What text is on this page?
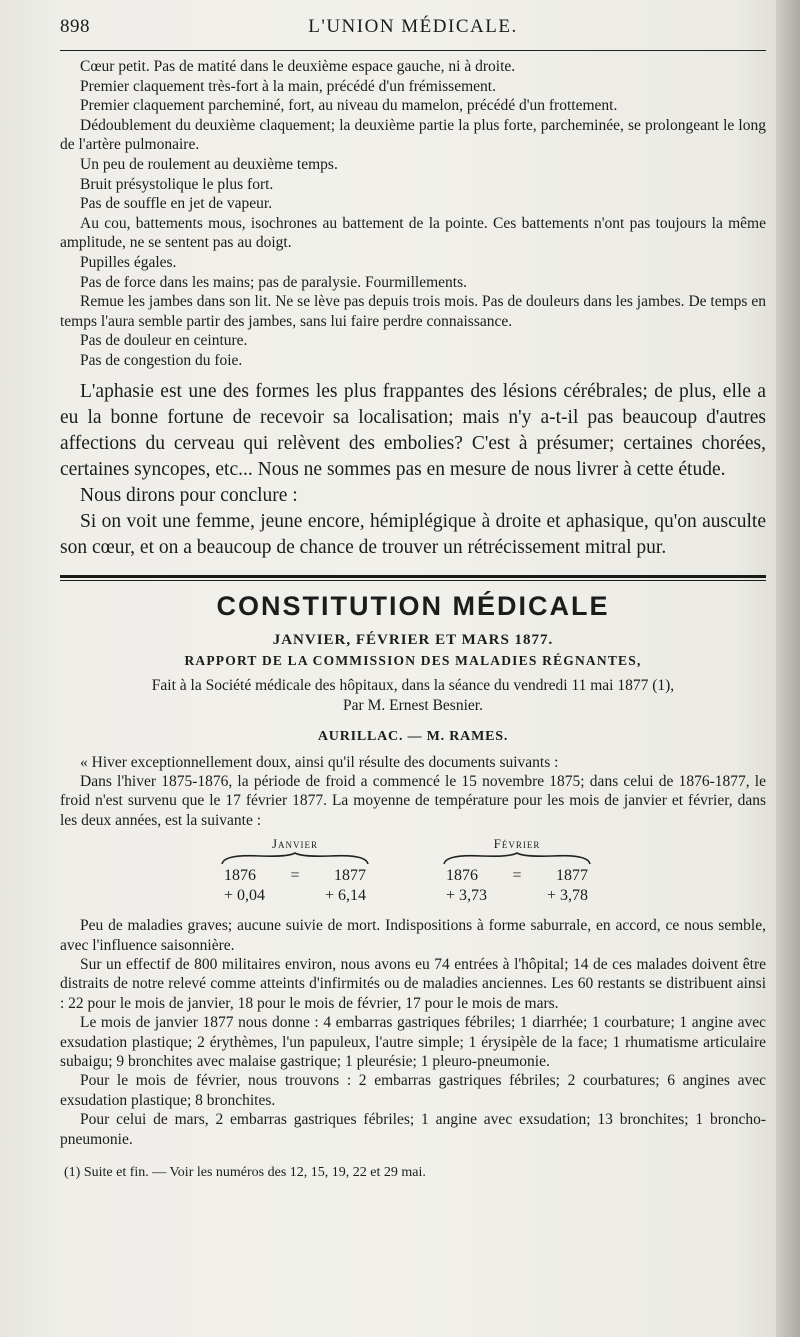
898	L'UNION MÉDICALE.

Cœur petit. Pas de matité dans le deuxième espace gauche, ni à droite.

Premier claquement très-fort à la main, précédé d'un frémissement.

Premier claquement parcheminé, fort, au niveau du mamelon, précédé d'un frottement.

Dédoublement du deuxième claquement; la deuxième partie la plus forte, parcheminée, se prolongeant le long de l'artère pulmonaire.

Un peu de roulement au deuxième temps.

Bruit présystolique le plus fort.

Pas de souffle en jet de vapeur.

Au cou, battements mous, isochrones au battement de la pointe. Ces battements n'ont pas toujours la même amplitude, ne se sentent pas au doigt.

Pupilles égales.

Pas de force dans les mains; pas de paralysie. Fourmillements.

Remue les jambes dans son lit. Ne se lève pas depuis trois mois. Pas de douleurs dans les jambes. De temps en temps l'aura semble partir des jambes, sans lui faire perdre connaissance.

Pas de douleur en ceinture.

Pas de congestion du foie.

L'aphasie est une des formes les plus frappantes des lésions cérébrales; de plus, elle a eu la bonne fortune de recevoir sa localisation; mais n'y a-t-il pas beaucoup d'autres affections du cerveau qui relèvent des embolies? C'est à présumer; certaines chorées, certaines syncopes, etc... Nous ne sommes pas en mesure de nous livrer à cette étude.

Nous dirons pour conclure :

Si on voit une femme, jeune encore, hémiplégique à droite et aphasique, qu'on ausculte son cœur, et on a beaucoup de chance de trouver un rétrécissement mitral pur.

CONSTITUTION MÉDICALE
JANVIER, FÉVRIER ET MARS 1877.
RAPPORT DE LA COMMISSION DES MALADIES RÉGNANTES,
Fait à la Société médicale des hôpitaux, dans la séance du vendredi 11 mai 1877 (1),
Par M. Ernest Besnier.
AURILLAC. — M. RAMES.

« Hiver exceptionnellement doux, ainsi qu'il résulte des documents suivants :

Dans l'hiver 1875-1876, la période de froid a commencé le 15 novembre 1875; dans celui de 1876-1877, le froid n'est survenu que le 17 février 1877. La moyenne de température pour les mois de janvier et février, dans les deux années, est la suivante :

Janvier
1876 = 1877
+ 0,04	+ 6,14
Février
1876 = 1877
+ 3,73	+ 3,78

Peu de maladies graves; aucune suivie de mort. Indispositions à forme saburrale, en accord, ce nous semble, avec l'influence saisonnière.

Sur un effectif de 800 militaires environ, nous avons eu 74 entrées à l'hôpital; 14 de ces malades doivent être distraits de notre relevé comme atteints d'infirmités ou de maladies anciennes. Les 60 restants se distribuent ainsi : 22 pour le mois de janvier, 18 pour le mois de février, 17 pour le mois de mars.

Le mois de janvier 1877 nous donne : 4 embarras gastriques fébriles; 1 diarrhée; 1 courbature; 1 angine avec exsudation plastique; 2 érythèmes, l'un papuleux, l'autre simple; 1 érysipèle de la face; 1 rhumatisme articulaire subaigu; 9 bronchites avec malaise gastrique; 1 pleurésie; 1 pleuro-pneumonie.

Pour le mois de février, nous trouvons : 2 embarras gastriques fébriles; 2 courbatures; 6 angines avec exsudation plastique; 8 bronchites.

Pour celui de mars, 2 embarras gastriques fébriles; 1 angine avec exsudation; 13 bronchites; 1 broncho-pneumonie.

(1) Suite et fin. — Voir les numéros des 12, 15, 19, 22 et 29 mai.
